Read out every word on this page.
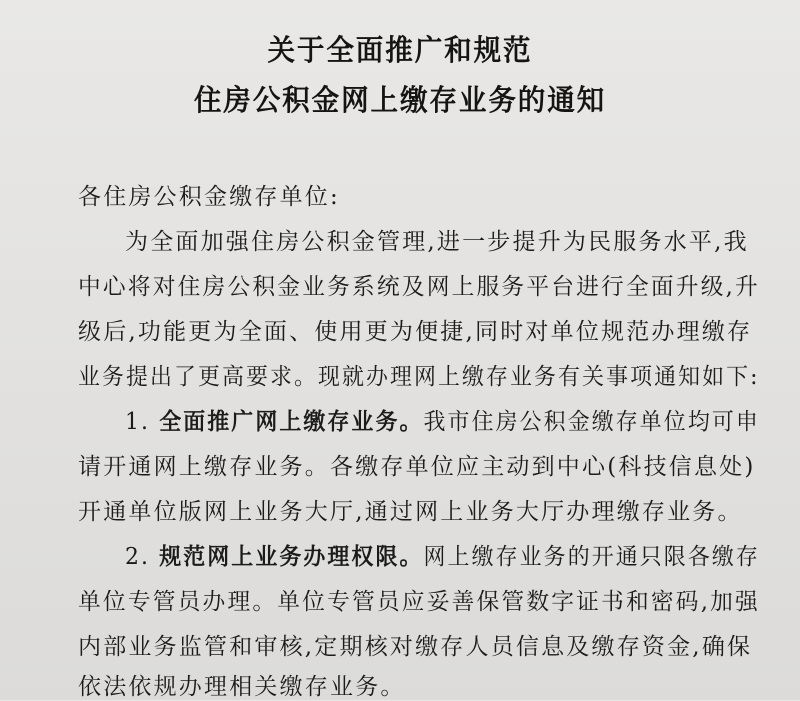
关于全面推广和规范
住房公积金网上缴存业务的通知
各住房公积金缴存单位:
为全面加强住房公积金管理,进一步提升为民服务水平,我
中心将对住房公积金业务系统及网上服务平台进行全面升级,升
级后,功能更为全面、使用更为便捷,同时对单位规范办理缴存
业务提出了更高要求。现就办理网上缴存业务有关事项通知如下:
1. 全面推广网上缴存业务。我市住房公积金缴存单位均可申
请开通网上缴存业务。各缴存单位应主动到中心(科技信息处)
开通单位版网上业务大厅,通过网上业务大厅办理缴存业务。
2. 规范网上业务办理权限。网上缴存业务的开通只限各缴存
单位专管员办理。单位专管员应妥善保管数字证书和密码,加强
内部业务监管和审核,定期核对缴存人员信息及缴存资金,确保
依法依规办理相关缴存业务。
